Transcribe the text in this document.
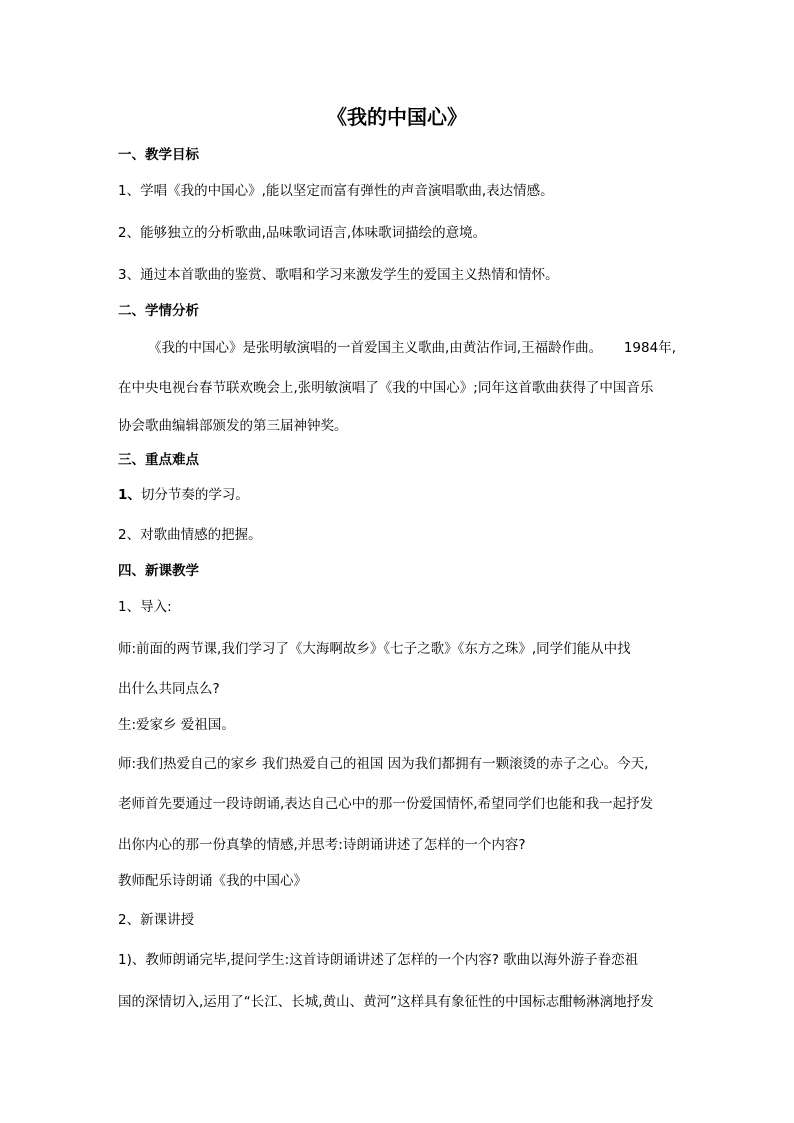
《我的中国心》
一、教学目标
1、学唱《我的中国心》,能以坚定而富有弹性的声音演唱歌曲,表达情感。
2、能够独立的分析歌曲,品味歌词语言,体味歌词描绘的意境。
3、通过本首歌曲的鉴赏、歌唱和学习来激发学生的爱国主义热情和情怀。
二、学情分析
《我的中国心》是张明敏演唱的一首爱国主义歌曲,由黄沾作词,王福龄作曲。 1984年,
在中央电视台春节联欢晚会上,张明敏演唱了《我的中国心》;同年这首歌曲获得了中国音乐
协会歌曲编辑部颁发的第三届神钟奖。
三、重点难点
1、切分节奏的学习。
2、对歌曲情感的把握。
四、新课教学
1、导入:
师:前面的两节课,我们学习了《大海啊故乡》《七子之歌》《东方之珠》,同学们能从中找
出什么共同点么?
生:爱家乡 爱祖国。
师:我们热爱自己的家乡 我们热爱自己的祖国 因为我们都拥有一颗滚烫的赤子之心。今天,
老师首先要通过一段诗朗诵,表达自己心中的那一份爱国情怀,希望同学们也能和我一起抒发
出你内心的那一份真挚的情感,并思考:诗朗诵讲述了怎样的一个内容?
教师配乐诗朗诵《我的中国心》
2、新课讲授
1)、教师朗诵完毕,提问学生:这首诗朗诵讲述了怎样的一个内容? 歌曲以海外游子眷恋祖
国的深情切入,运用了“长江、长城,黄山、黄河”这样具有象征性的中国标志酣畅淋漓地抒发
